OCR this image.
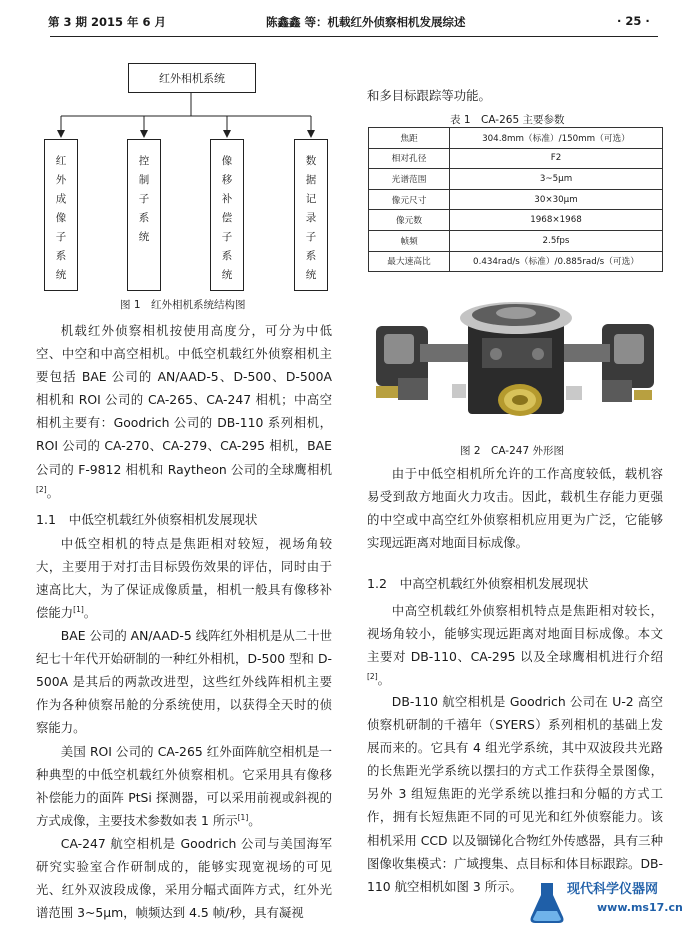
第 3 期 2015 年 6 月	陈鑫鑫 等：机载红外侦察相机发展综述	· 25 ·
红外相机系统
红外成像子系统
控制子系统
像移补偿子系统
数据记录子系统
图 1　红外相机系统结构图

机载红外侦察相机按使用高度分，可分为中低空、中空和中高空相机。中低空机载红外侦察相机主要包括 BAE 公司的 AN/AAD-5、D-500、D-500A 相机和 ROI 公司的 CA-265、CA-247 相机；中高空相机主要有：Goodrich 公司的 DB-110 系列相机，ROI 公司的 CA-270、CA-279、CA-295 相机，BAE 公司的 F-9812 相机和 Raytheon 公司的全球鹰相机[2]。

1.1　中低空机载红外侦察相机发展现状

中低空相机的特点是焦距相对较短，视场角较大，主要用于对打击目标毁伤效果的评估，同时由于速高比大，为了保证成像质量，相机一般具有像移补偿能力[1]。

BAE 公司的 AN/AAD-5 线阵红外相机是从二十世纪七十年代开始研制的一种红外相机，D-500 型和 D-500A 是其后的两款改进型，这些红外线阵相机主要作为各种侦察吊舱的分系统使用，以获得全天时的侦察能力。

美国 ROI 公司的 CA-265 红外面阵航空相机是一种典型的中低空机载红外侦察相机。它采用具有像移补偿能力的面阵 PtSi 探测器，可以采用前视或斜视的方式成像，主要技术参数如表 1 所示[1]。

CA-247 航空相机是 Goodrich 公司与美国海军研究实验室合作研制成的，能够实现宽视场的可见光、红外双波段成像，采用分幅式面阵方式，红外光谱范围 3~5μm，帧频达到 4.5 帧/秒，具有凝视

和多目标跟踪等功能。

表 1　CA-265 主要参数
焦距	304.8mm（标准）/150mm（可选）
相对孔径	F2
光谱范围	3~5μm
像元尺寸	30×30μm
像元数	1968×1968
帧频	2.5fps
最大速高比	0.434rad/s（标准）/0.885rad/s（可选）
图 2　CA-247 外形图

由于中低空相机所允许的工作高度较低，载机容易受到敌方地面火力攻击。因此，载机生存能力更强的中空或中高空红外侦察相机应用更为广泛，它能够实现远距离对地面目标成像。

1.2　中高空机载红外侦察相机发展现状

中高空机载红外侦察相机特点是焦距相对较长，视场角较小，能够实现远距离对地面目标成像。本文主要对 DB-110、CA-295 以及全球鹰相机进行介绍[2]。

DB-110 航空相机是 Goodrich 公司在 U-2 高空侦察机研制的千禧年（SYERS）系列相机的基础上发展而来的。它具有 4 组光学系统，其中双波段共光路的长焦距光学系统以摆扫的方式工作获得全景图像，另外 3 组短焦距的光学系统以推扫和分幅的方式工作，拥有长短焦距不同的可见光和红外侦察能力。该相机采用 CCD 以及锢锑化合物红外传感器，具有三种图像收集模式：广域搜集、点目标和体目标跟踪。DB-110 航空相机如图 3 所示。	现代科学仪器网
www.ms17.cn
